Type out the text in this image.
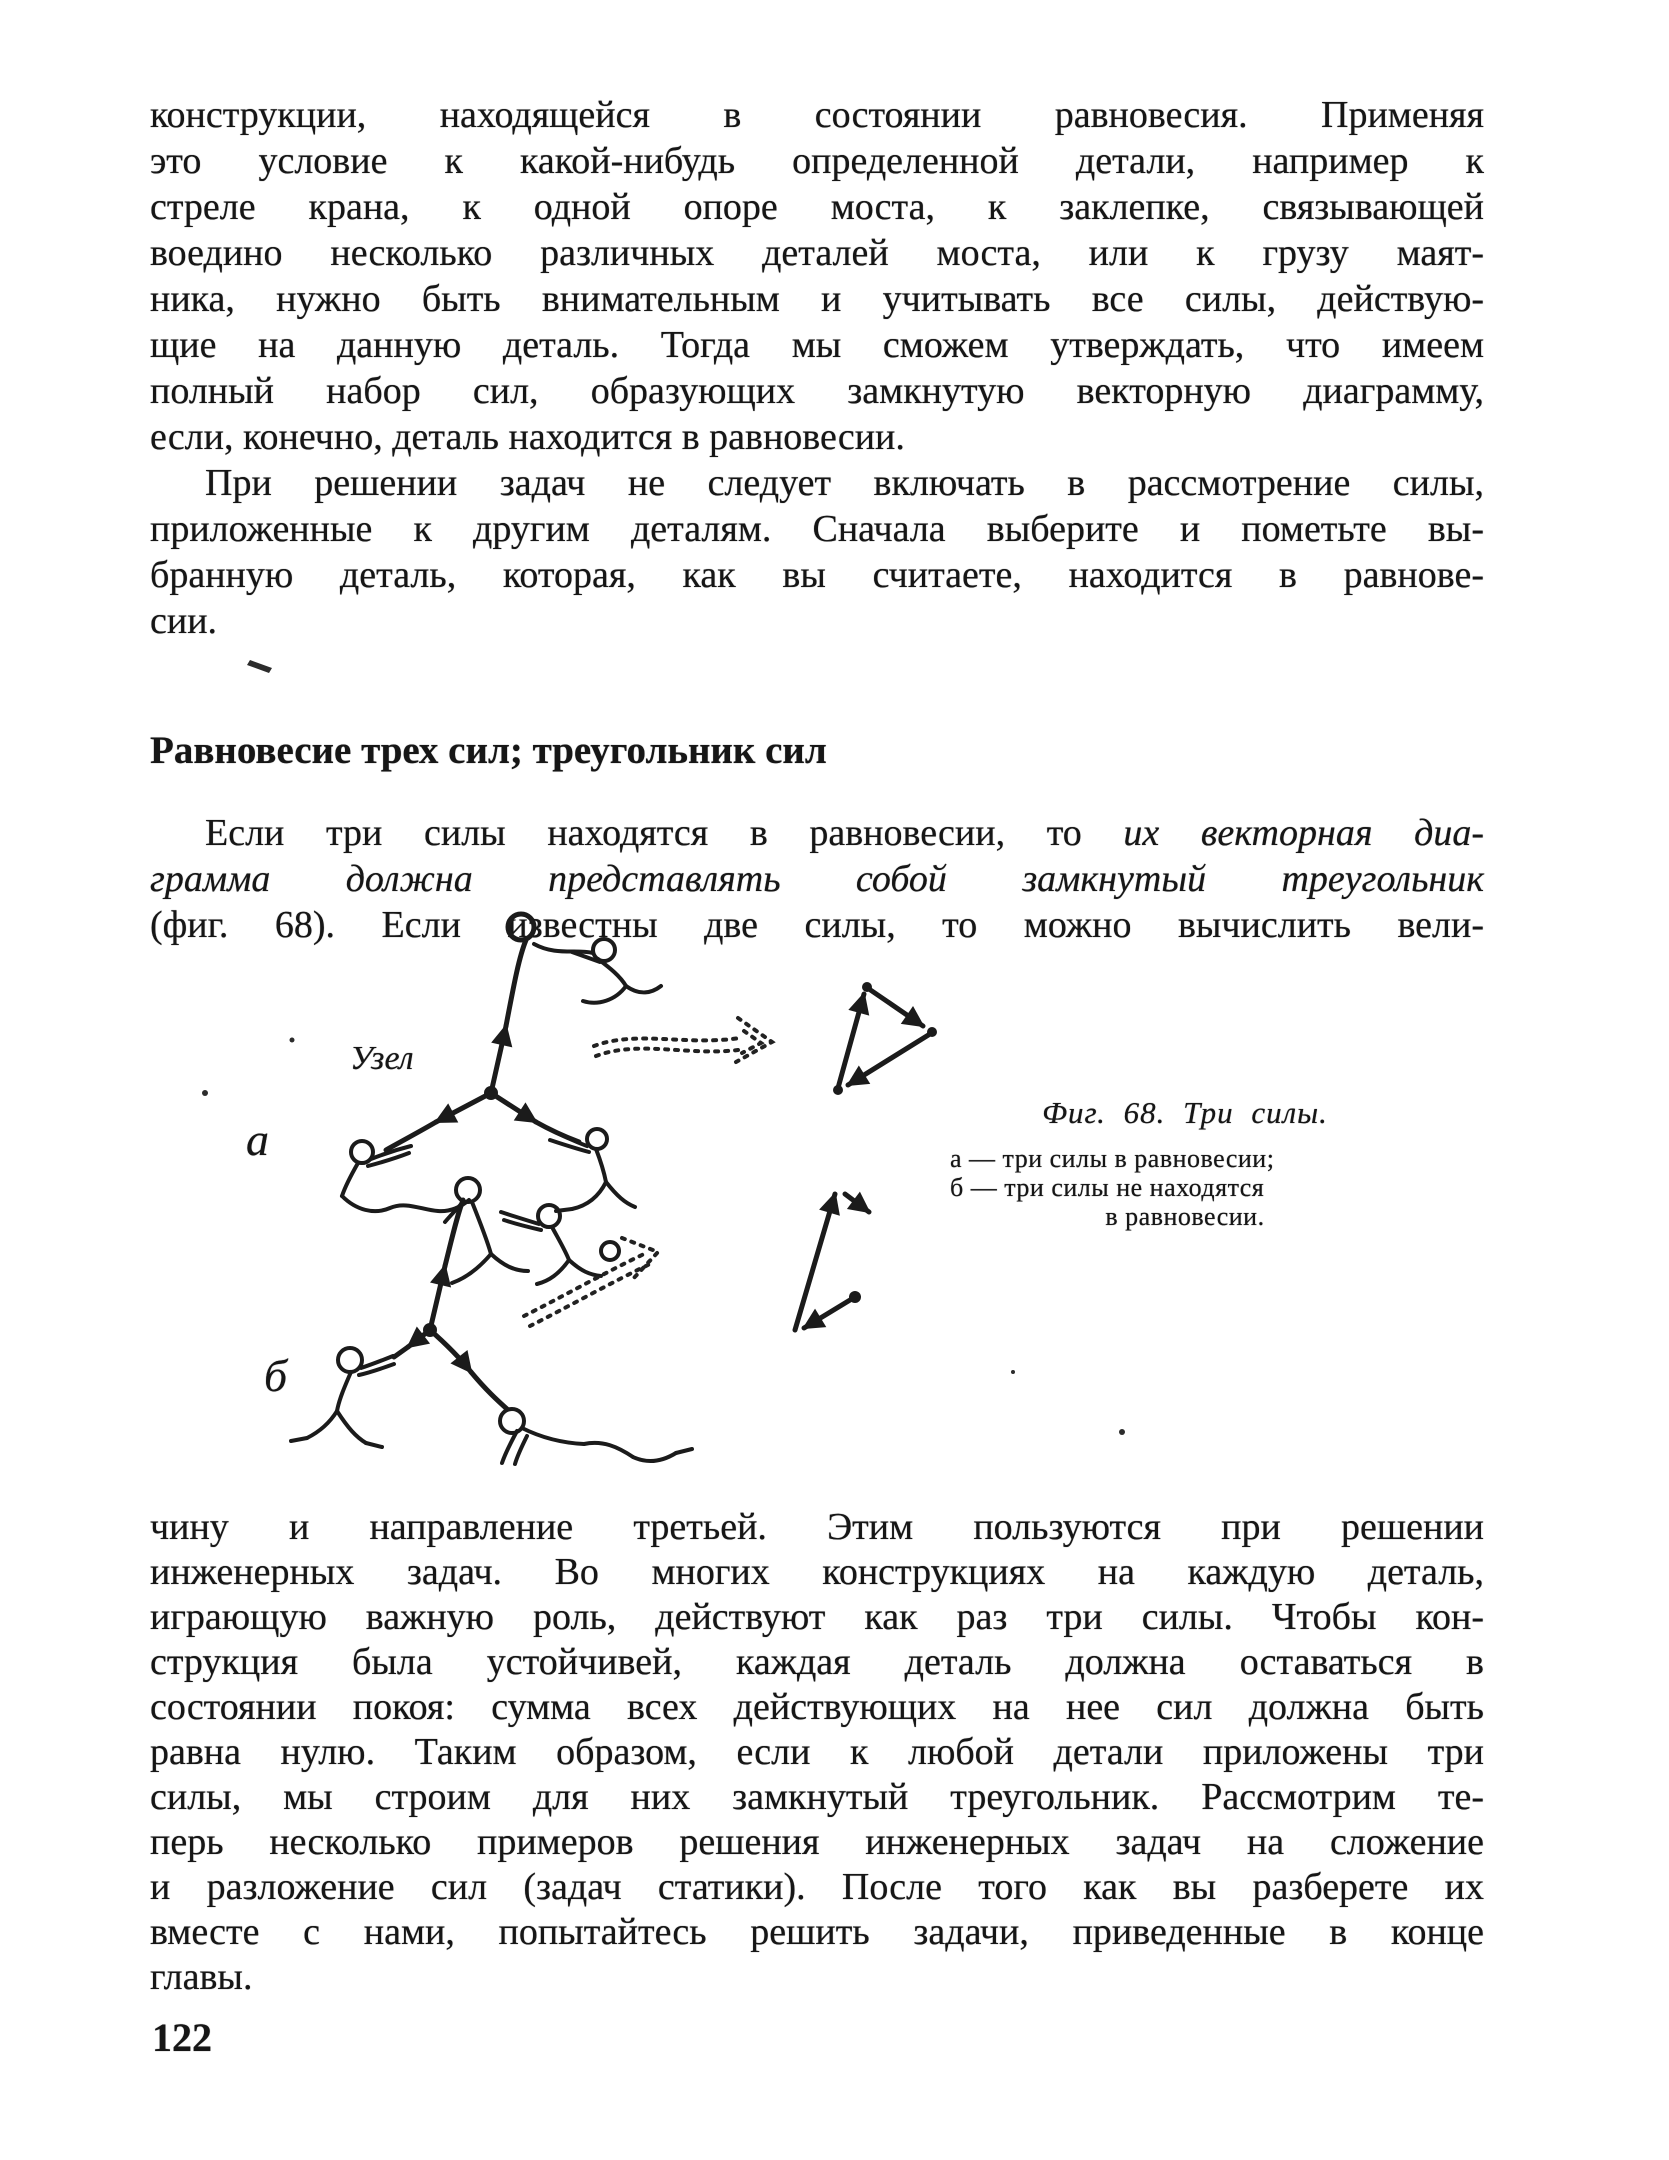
конструкции, находящейся в состоянии равновесия. Применяя
это условие к какой-нибудь определенной детали, например к
стреле крана, к одной опоре моста, к заклепке, связывающей
воедино несколько различных деталей моста, или к грузу маят-
ника, нужно быть внимательным и учитывать все силы, действую-
щие на данную деталь. Тогда мы сможем утверждать, что имеем
полный набор сил, образующих замкнутую векторную диаграмму,
если, конечно, деталь находится в равновесии.
При решении задач не следует включать в рассмотрение силы,
приложенные к другим деталям. Сначала выберите и пометьте вы-
бранную деталь, которая, как вы считаете, находится в равнове-
сии.
Равновесие трех сил; треугольник сил
Если три силы находятся в равновесии, то их векторная диа-
грамма должна представлять собой замкнутый треугольник
(фиг. 68). Если известны две силы, то можно вычислить вели-
Узел
a
б
Фиг. 68. Три силы.
а — три силы в равновесии;
б — три силы не находятся
в равновесии.
чину и направление третьей. Этим пользуются при решении
инженерных задач. Во многих конструкциях на каждую деталь,
играющую важную роль, действуют как раз три силы. Чтобы кон-
струкция была устойчивей, каждая деталь должна оставаться в
состоянии покоя: сумма всех действующих на нее сил должна быть
равна нулю. Таким образом, если к любой детали приложены три
силы, мы строим для них замкнутый треугольник. Рассмотрим те-
перь несколько примеров решения инженерных задач на сложение
и разложение сил (задач статики). После того как вы разберете их
вместе с нами, попытайтесь решить задачи, приведенные в конце
главы.
122
